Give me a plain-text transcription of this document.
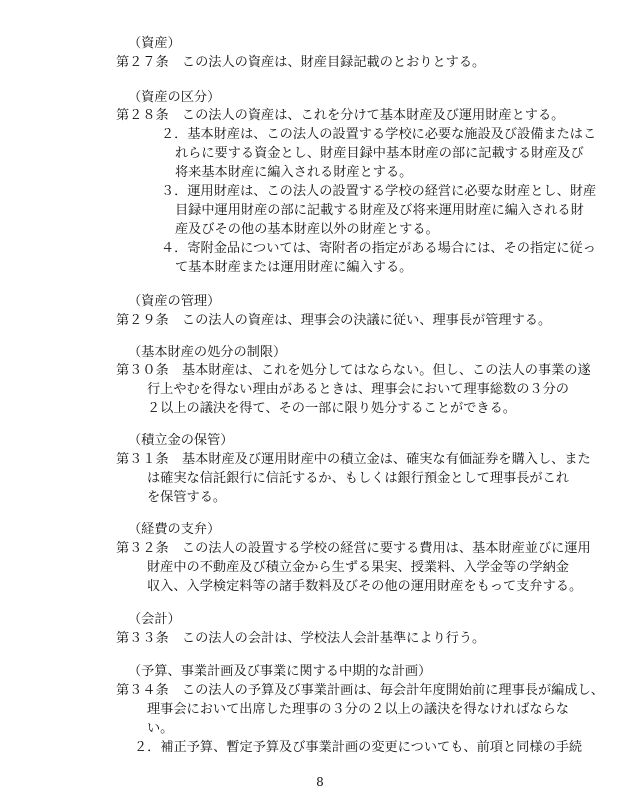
（資産）
第２７条　この法人の資産は、財産目録記載のとおりとする。
（資産の区分）
第２８条　この法人の資産は、これを分けて基本財産及び運用財産とする。
２．基本財産は、この法人の設置する学校に必要な施設及び設備またはこ
れらに要する資金とし、財産目録中基本財産の部に記載する財産及び
将来基本財産に編入される財産とする。
３．運用財産は、この法人の設置する学校の経営に必要な財産とし、財産
目録中運用財産の部に記載する財産及び将来運用財産に編入される財
産及びその他の基本財産以外の財産とする。
４．寄附金品については、寄附者の指定がある場合には、その指定に従っ
て基本財産または運用財産に編入する。
（資産の管理）
第２９条　この法人の資産は、理事会の決議に従い、理事長が管理する。
（基本財産の処分の制限）
第３０条　基本財産は、これを処分してはならない。但し、この法人の事業の遂
行上やむを得ない理由があるときは、理事会において理事総数の３分の
２以上の議決を得て、その一部に限り処分することができる。
（積立金の保管）
第３１条　基本財産及び運用財産中の積立金は、確実な有価証券を購入し、また
は確実な信託銀行に信託するか、もしくは銀行預金として理事長がこれ
を保管する。
（経費の支弁）
第３２条　この法人の設置する学校の経営に要する費用は、基本財産並びに運用
財産中の不動産及び積立金から生ずる果実、授業料、入学金等の学納金
収入、入学検定料等の諸手数料及びその他の運用財産をもって支弁する。
（会計）
第３３条　この法人の会計は、学校法人会計基準により行う。
（予算、事業計画及び事業に関する中期的な計画）
第３４条　この法人の予算及び事業計画は、毎会計年度開始前に理事長が編成し、
理事会において出席した理事の３分の２以上の議決を得なければならな
い。
２．補正予算、暫定予算及び事業計画の変更についても、前項と同様の手続
8
